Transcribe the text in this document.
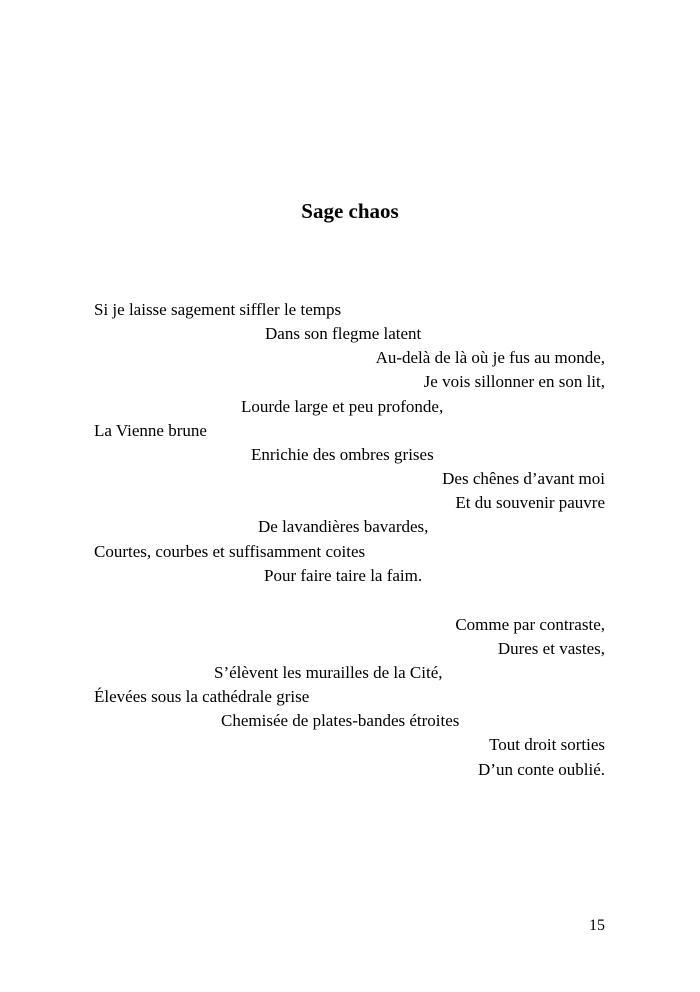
Sage chaos
Si je laisse sagement siffler le temps
Dans son flegme latent
Au-delà de là où je fus au monde,
Je vois sillonner en son lit,
Lourde large et peu profonde,
La Vienne brune
Enrichie des ombres grises
Des chênes d’avant moi
Et du souvenir pauvre
De lavandières bavardes,
Courtes, courbes et suffisamment coites
Pour faire taire la faim.
Comme par contraste,
Dures et vastes,
S’élèvent les murailles de la Cité,
Élevées sous la cathédrale grise
Chemisée de plates-bandes étroites
Tout droit sorties
D’un conte oublié.
15
